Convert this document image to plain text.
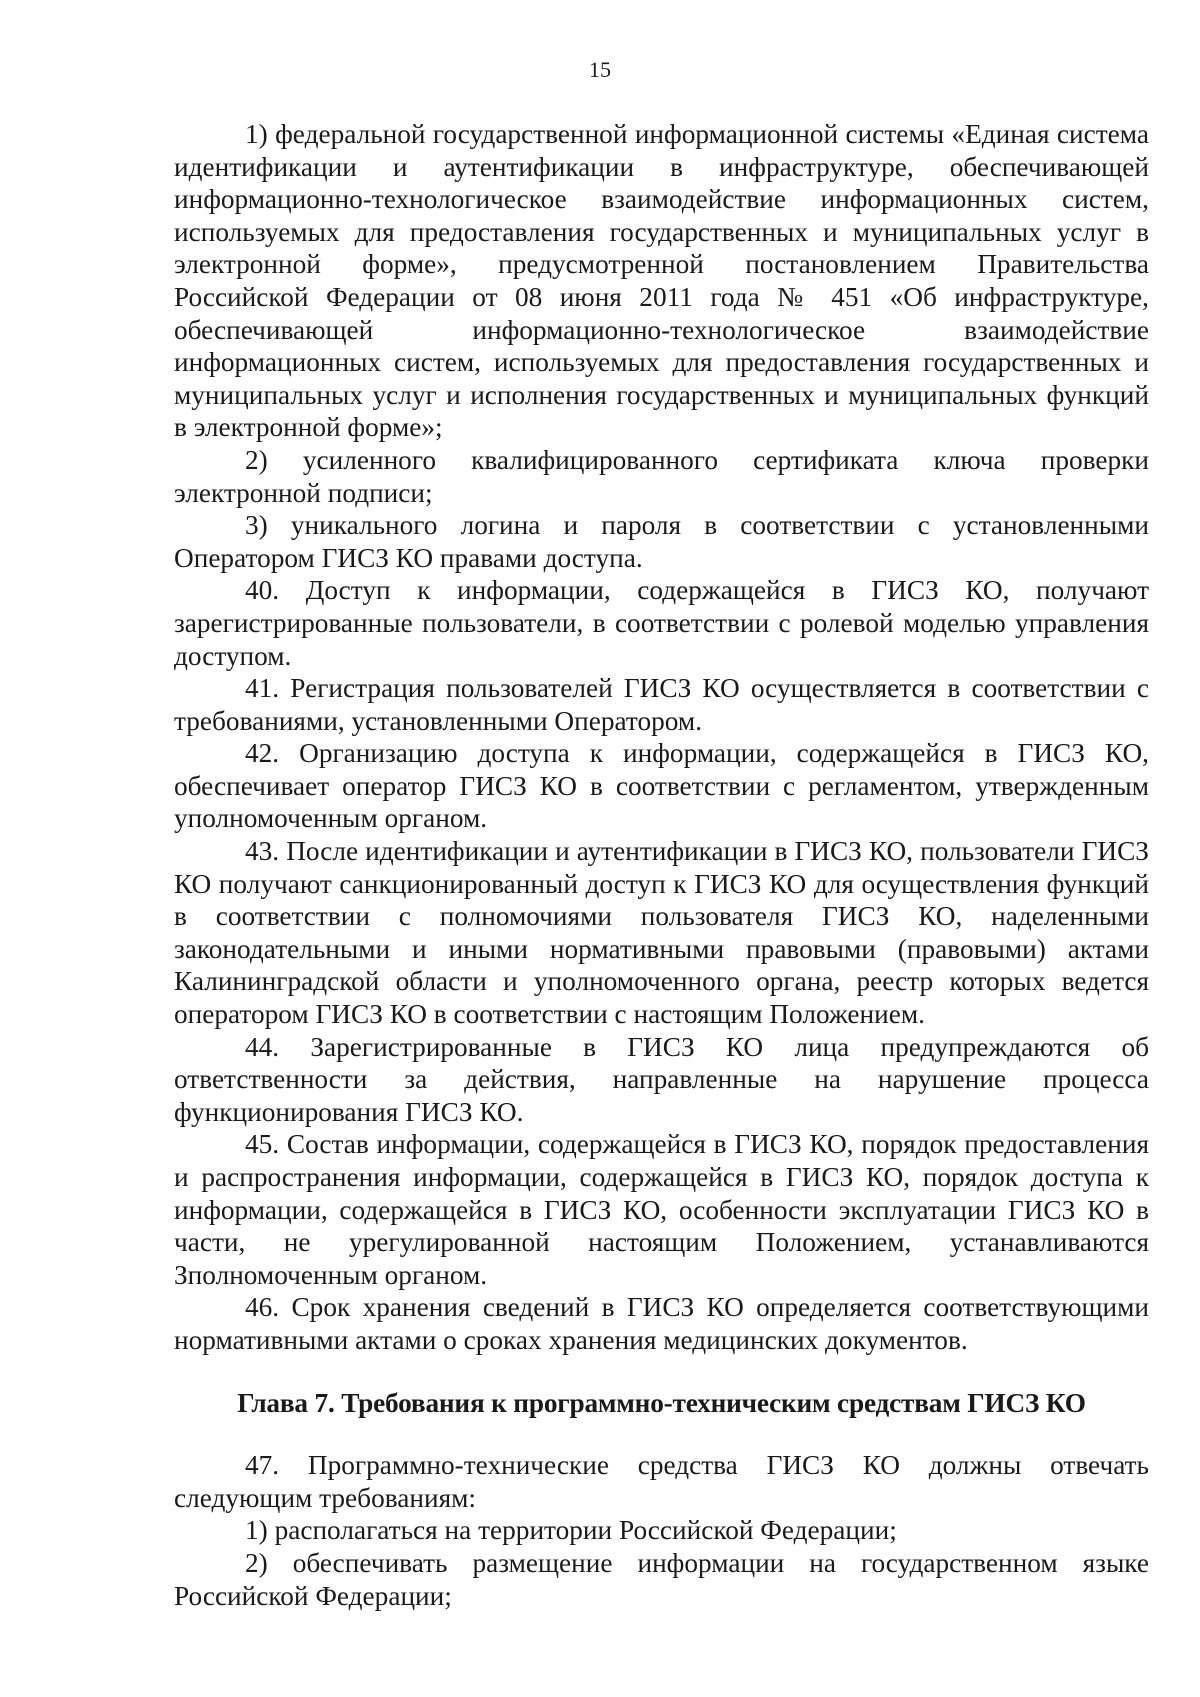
15

1) федеральной государственной информационной системы «Единая система идентификации и аутентификации в инфраструктуре, обеспечивающей информационно-технологическое взаимодействие информационных систем, используемых для предоставления государственных и муниципальных услуг в электронной форме», предусмотренной постановлением Правительства Российской Федерации от 08 июня 2011 года № 451 «Об инфраструктуре, обеспечивающей информационно-технологическое взаимодействие информационных систем, используемых для предоставления государственных и муниципальных услуг и исполнения государственных и муниципальных функций в электронной форме»;

2) усиленного квалифицированного сертификата ключа проверки электронной подписи;

3) уникального логина и пароля в соответствии с установленными Оператором ГИСЗ КО правами доступа.

40. Доступ к информации, содержащейся в ГИСЗ КО, получают зарегистрированные пользователи, в соответствии с ролевой моделью управления доступом.

41. Регистрация пользователей ГИСЗ КО осуществляется в соответствии с требованиями, установленными Оператором.

42. Организацию доступа к информации, содержащейся в ГИСЗ КО, обеспечивает оператор ГИСЗ КО в соответствии с регламентом, утвержденным уполномоченным органом.

43. После идентификации и аутентификации в ГИСЗ КО, пользователи ГИСЗ КО получают санкционированный доступ к ГИСЗ КО для осуществления функций в соответствии с полномочиями пользователя ГИСЗ КО, наделенными законодательными и иными нормативными правовыми (правовыми) актами Калининградской области и уполномоченного органа, реестр которых ведется оператором ГИСЗ КО в соответствии с настоящим Положением.

44. Зарегистрированные в ГИСЗ КО лица предупреждаются об ответственности за действия, направленные на нарушение процесса функционирования ГИСЗ КО.

45. Состав информации, содержащейся в ГИСЗ КО, порядок предоставления и распространения информации, содержащейся в ГИСЗ КО, порядок доступа к информации, содержащейся в ГИСЗ КО, особенности эксплуатации ГИСЗ КО в части, не урегулированной настоящим Положением, устанавливаются Зполномоченным органом.

46. Срок хранения сведений в ГИСЗ КО определяется соответствующими нормативными актами о сроках хранения медицинских документов.

Глава 7. Требования к программно-техническим средствам ГИСЗ КО

47. Программно-технические средства ГИСЗ КО должны отвечать следующим требованиям:

1) располагаться на территории Российской Федерации;

2) обеспечивать размещение информации на государственном языке Российской Федерации;
